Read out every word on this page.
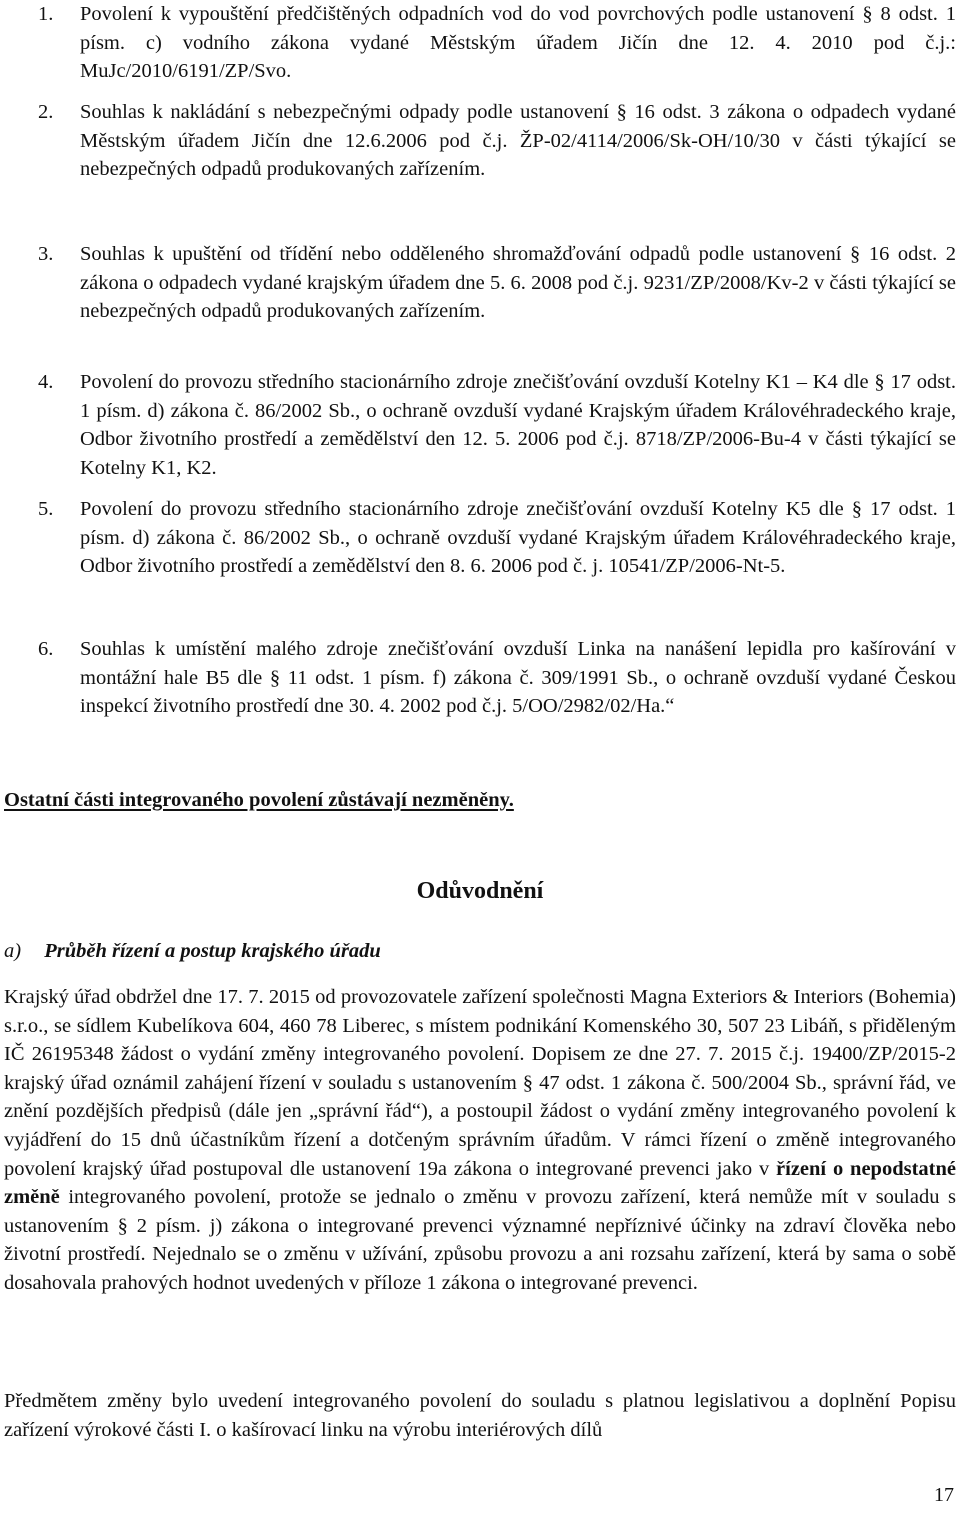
1. Povolení k vypouštění předčištěných odpadních vod do vod povrchových podle ustanovení § 8 odst. 1 písm. c) vodního zákona vydané Městským úřadem Jičín dne 12. 4. 2010 pod č.j.: MuJc/2010/6191/ZP/Svo.
2. Souhlas k nakládání s nebezpečnými odpady podle ustanovení § 16 odst. 3 zákona o odpadech vydané Městským úřadem Jičín dne 12.6.2006 pod č.j. ŽP-02/4114/2006/Sk-OH/10/30 v části týkající se nebezpečných odpadů produkovaných zařízením.
3. Souhlas k upuštění od třídění nebo odděleného shromažďování odpadů podle ustanovení § 16 odst. 2 zákona o odpadech vydané krajským úřadem dne 5. 6. 2008 pod č.j. 9231/ZP/2008/Kv-2 v části týkající se nebezpečných odpadů produkovaných zařízením.
4. Povolení do provozu středního stacionárního zdroje znečišťování ovzduší Kotelny K1 – K4 dle § 17 odst. 1 písm. d) zákona č. 86/2002 Sb., o ochraně ovzduší vydané Krajským úřadem Královéhradeckého kraje, Odbor životního prostředí a zemědělství den 12. 5. 2006 pod č.j. 8718/ZP/2006-Bu-4 v části týkající se Kotelny K1, K2.
5. Povolení do provozu středního stacionárního zdroje znečišťování ovzduší Kotelny K5 dle § 17 odst. 1 písm. d) zákona č. 86/2002 Sb., o ochraně ovzduší vydané Krajským úřadem Královéhradeckého kraje, Odbor životního prostředí a zemědělství den 8. 6. 2006 pod č. j. 10541/ZP/2006-Nt-5.
6. Souhlas k umístění malého zdroje znečišťování ovzduší Linka na nanášení lepidla pro kašírování v montážní hale B5 dle § 11 odst. 1 písm. f) zákona č. 309/1991 Sb., o ochraně ovzduší vydané Českou inspekcí životního prostředí dne 30. 4. 2002 pod č.j. 5/OO/2982/02/Ha.“
Ostatní části integrovaného povolení zůstávají nezměněny.
Odůvodnění
a) Průběh řízení a postup krajského úřadu
Krajský úřad obdržel dne 17. 7. 2015 od provozovatele zařízení společnosti Magna Exteriors & Interiors (Bohemia) s.r.o., se sídlem Kubelíkova 604, 460 78 Liberec, s místem podnikání Komenského 30, 507 23 Libáň, s přiděleným IČ 26195348 žádost o vydání změny integrovaného povolení. Dopisem ze dne 27. 7. 2015 č.j. 19400/ZP/2015-2 krajský úřad oznámil zahájení řízení v souladu s ustanovením § 47 odst. 1 zákona č. 500/2004 Sb., správní řád, ve znění pozdějších předpisů (dále jen „správní řád“), a postoupil žádost o vydání změny integrovaného povolení k vyjádření do 15 dnů účastníkům řízení a dotčeným správním úřadům. V rámci řízení o změně integrovaného povolení krajský úřad postupoval dle ustanovení 19a zákona o integrované prevenci jako v řízení o nepodstatné změně integrovaného povolení, protože se jednalo o změnu v provozu zařízení, která nemůže mít v souladu s ustanovením § 2 písm. j) zákona o integrované prevenci významné nepříznivé účinky na zdraví člověka nebo životní prostředí. Nejednalo se o změnu v užívání, způsobu provozu a ani rozsahu zařízení, která by sama o sobě dosahovala prahových hodnot uvedených v příloze 1 zákona o integrované prevenci.
Předmětem změny bylo uvedení integrovaného povolení do souladu s platnou legislativou a doplnění Popisu zařízení výrokové části I. o kašírovací linku na výrobu interiérových dílů
17
